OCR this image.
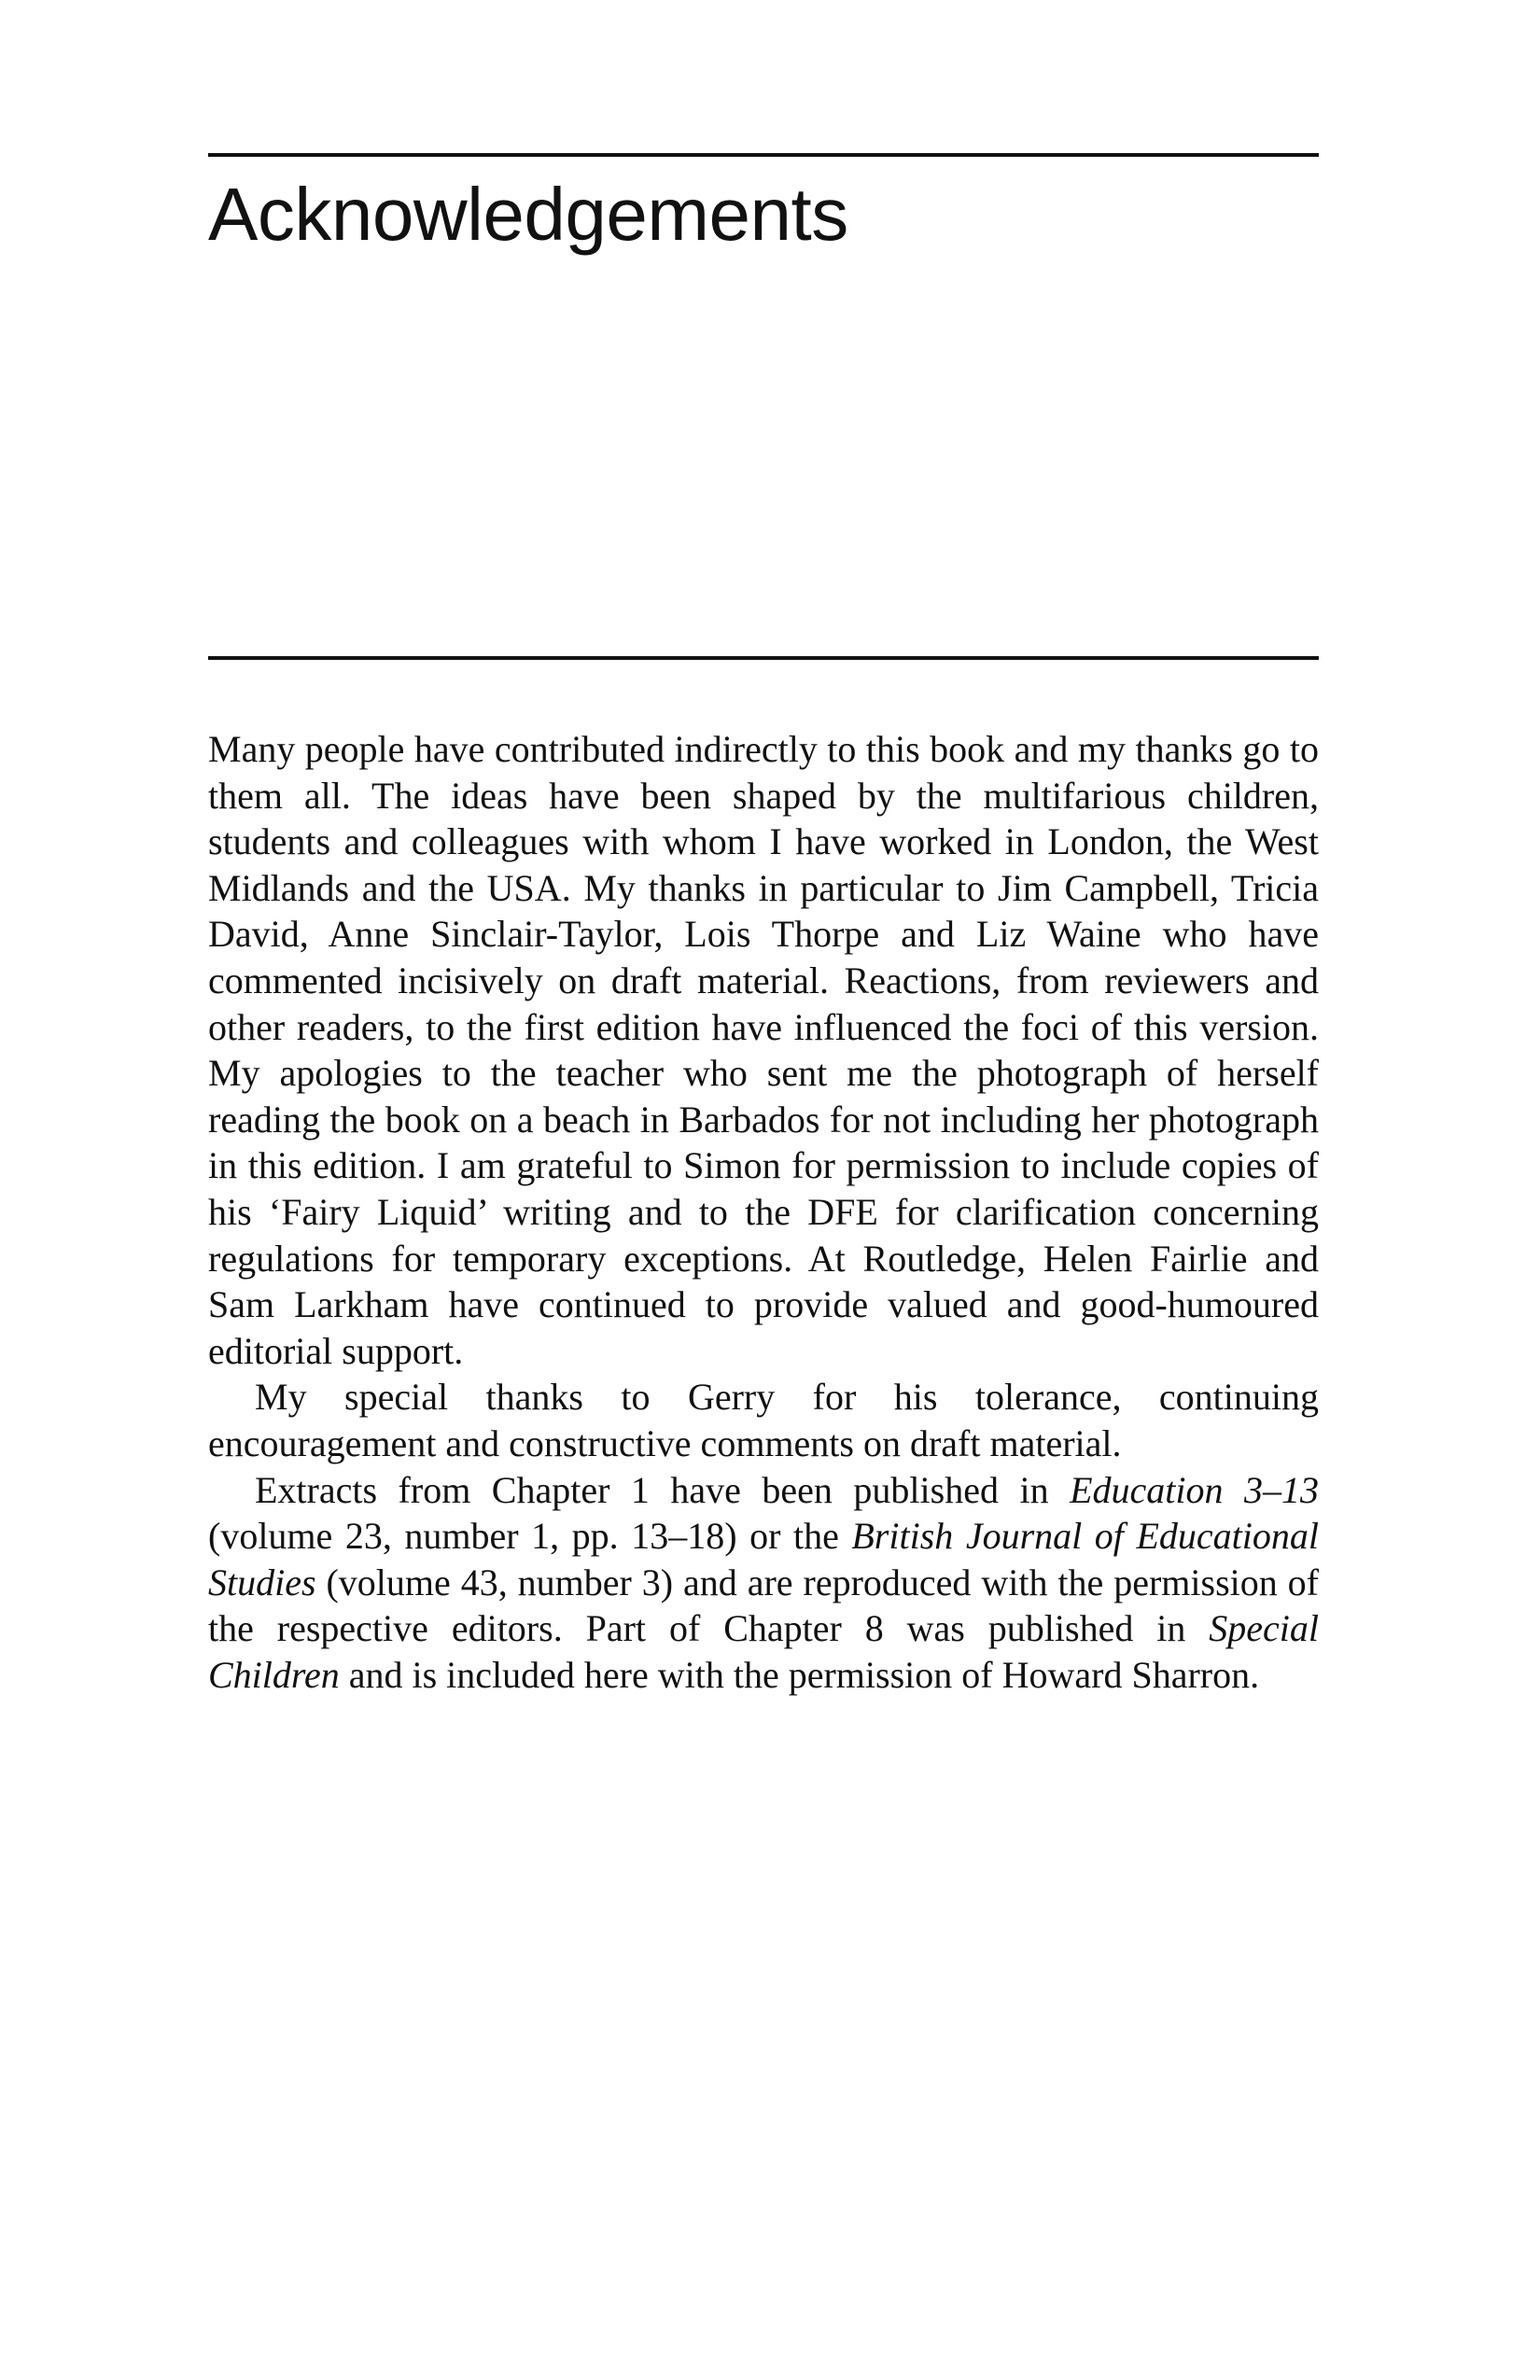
Acknowledgements

Many people have contributed indirectly to this book and my thanks go to them all. The ideas have been shaped by the multifarious children, students and colleagues with whom I have worked in London, the West Midlands and the USA. My thanks in particular to Jim Campbell, Tricia David, Anne Sinclair-Taylor, Lois Thorpe and Liz Waine who have commented incisively on draft material. Reactions, from reviewers and other readers, to the first edition have influenced the foci of this version. My apologies to the teacher who sent me the photograph of herself reading the book on a beach in Barbados for not including her photograph in this edition. I am grateful to Simon for permission to include copies of his ‘Fairy Liquid’ writing and to the DFE for clarification concerning regulations for temporary exceptions. At Routledge, Helen Fairlie and Sam Larkham have continued to provide valued and good-humoured editorial support.

My special thanks to Gerry for his tolerance, continuing encouragement and constructive comments on draft material.

Extracts from Chapter 1 have been published in Education 3–13 (volume 23, number 1, pp. 13–18) or the British Journal of Educational Studies (volume 43, number 3) and are reproduced with the permission of the respective editors. Part of Chapter 8 was published in Special Children and is included here with the permission of Howard Sharron.
